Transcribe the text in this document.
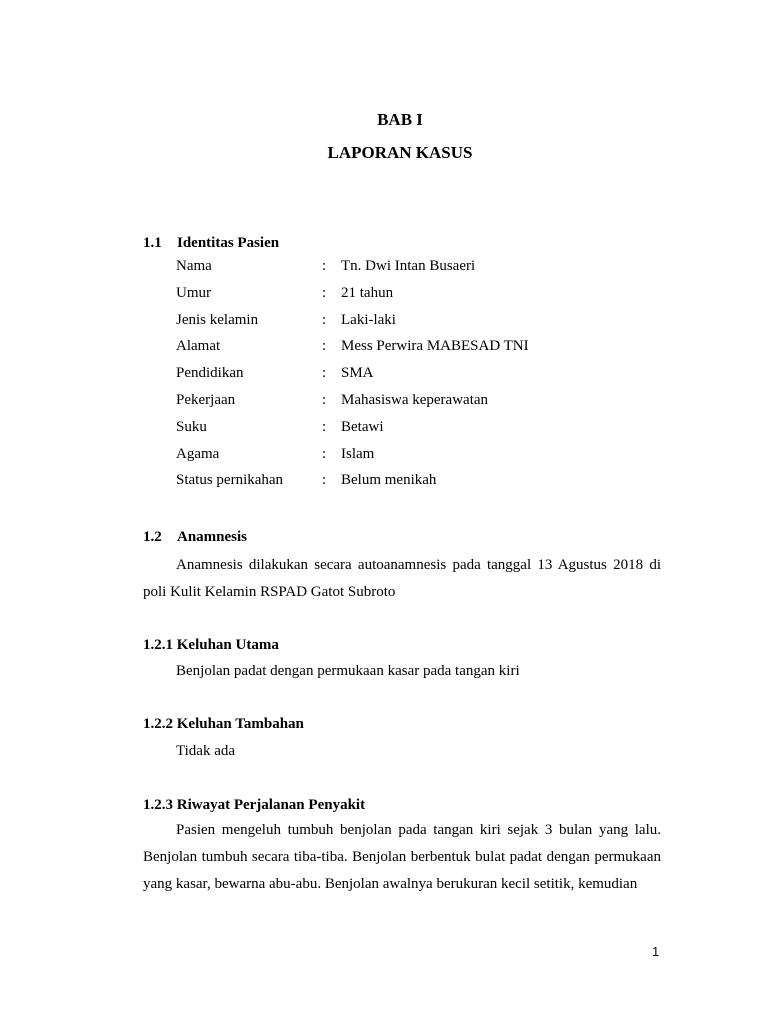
BAB I
LAPORAN KASUS
1.1 Identitas Pasien
Nama	:	Tn. Dwi Intan Busaeri
Umur	:	21 tahun
Jenis kelamin	:	Laki-laki
Alamat	:	Mess Perwira MABESAD TNI
Pendidikan	:	SMA
Pekerjaan	:	Mahasiswa keperawatan
Suku	:	Betawi
Agama	:	Islam
Status pernikahan	:	Belum menikah
1.2 Anamnesis

Anamnesis dilakukan secara autoanamnesis pada tanggal 13 Agustus 2018 di poli Kulit Kelamin RSPAD Gatot Subroto

1.2.1 Keluhan Utama

Benjolan padat dengan permukaan kasar pada tangan kiri

1.2.2 Keluhan Tambahan

Tidak ada

1.2.3 Riwayat Perjalanan Penyakit

Pasien mengeluh tumbuh benjolan pada tangan kiri sejak 3 bulan yang lalu. Benjolan tumbuh secara tiba-tiba. Benjolan berbentuk bulat padat dengan permukaan yang kasar, bewarna abu-abu. Benjolan awalnya berukuran kecil setitik, kemudian

1
